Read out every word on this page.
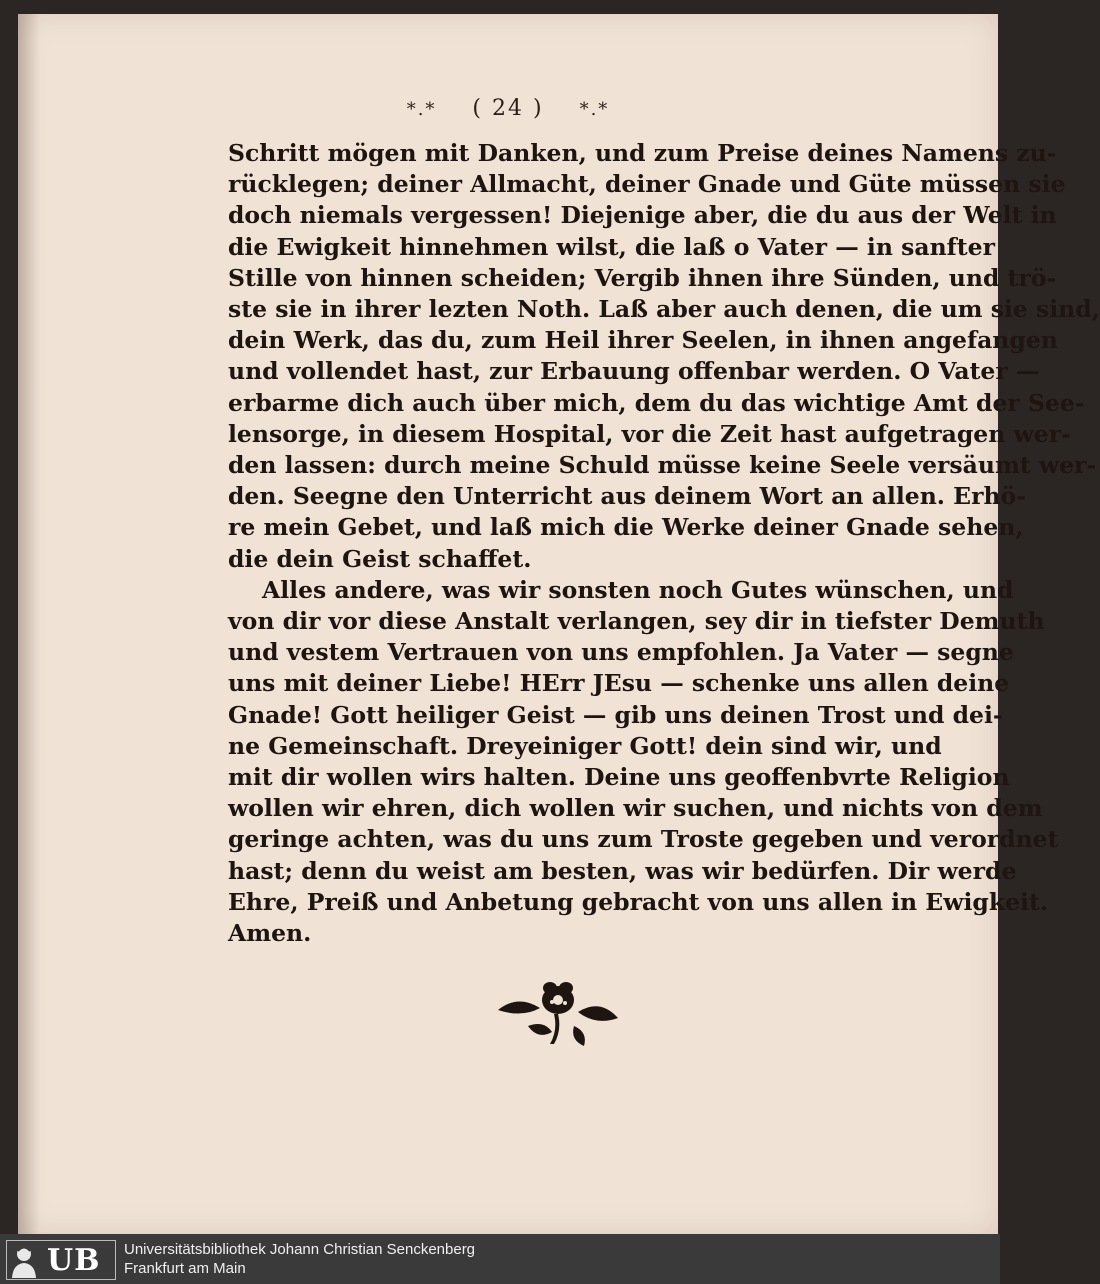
*.* ( 24 ) *.*
Schritt mögen mit Danken, und zum Preise deines Namens zu-
rücklegen; deiner Allmacht, deiner Gnade und Güte müssen sie
doch niemals vergessen! Diejenige aber, die du aus der Welt in
die Ewigkeit hinnehmen wilst, die laß o Vater — in sanfter
Stille von hinnen scheiden; Vergib ihnen ihre Sünden, und trö-
ste sie in ihrer lezten Noth. Laß aber auch denen, die um sie sind,
dein Werk, das du, zum Heil ihrer Seelen, in ihnen angefangen
und vollendet hast, zur Erbauung offenbar werden. O Vater —
erbarme dich auch über mich, dem du das wichtige Amt der See-
lensorge, in diesem Hospital, vor die Zeit hast aufgetragen wer-
den lassen: durch meine Schuld müsse keine Seele versäumt wer-
den. Seegne den Unterricht aus deinem Wort an allen. Erhö-
re mein Gebet, und laß mich die Werke deiner Gnade sehen,
die dein Geist schaffet.
Alles andere, was wir sonsten noch Gutes wünschen, und
von dir vor diese Anstalt verlangen, sey dir in tiefster Demuth
und vestem Vertrauen von uns empfohlen. Ja Vater — segne
uns mit deiner Liebe! HErr JEsu — schenke uns allen deine
Gnade! Gott heiliger Geist — gib uns deinen Trost und dei-
ne Gemeinschaft. Dreyeiniger Gott! dein sind wir, und
mit dir wollen wirs halten. Deine uns geoffenbvrte Religion
wollen wir ehren, dich wollen wir suchen, und nichts von dem
geringe achten, was du uns zum Troste gegeben und verordnet
hast; denn du weist am besten, was wir bedürfen. Dir werde
Ehre, Preiß und Anbetung gebracht von uns allen in Ewigkeit.
Amen.
UB Universitätsbibliothek Johann Christian Senckenberg
Frankfurt am Main
